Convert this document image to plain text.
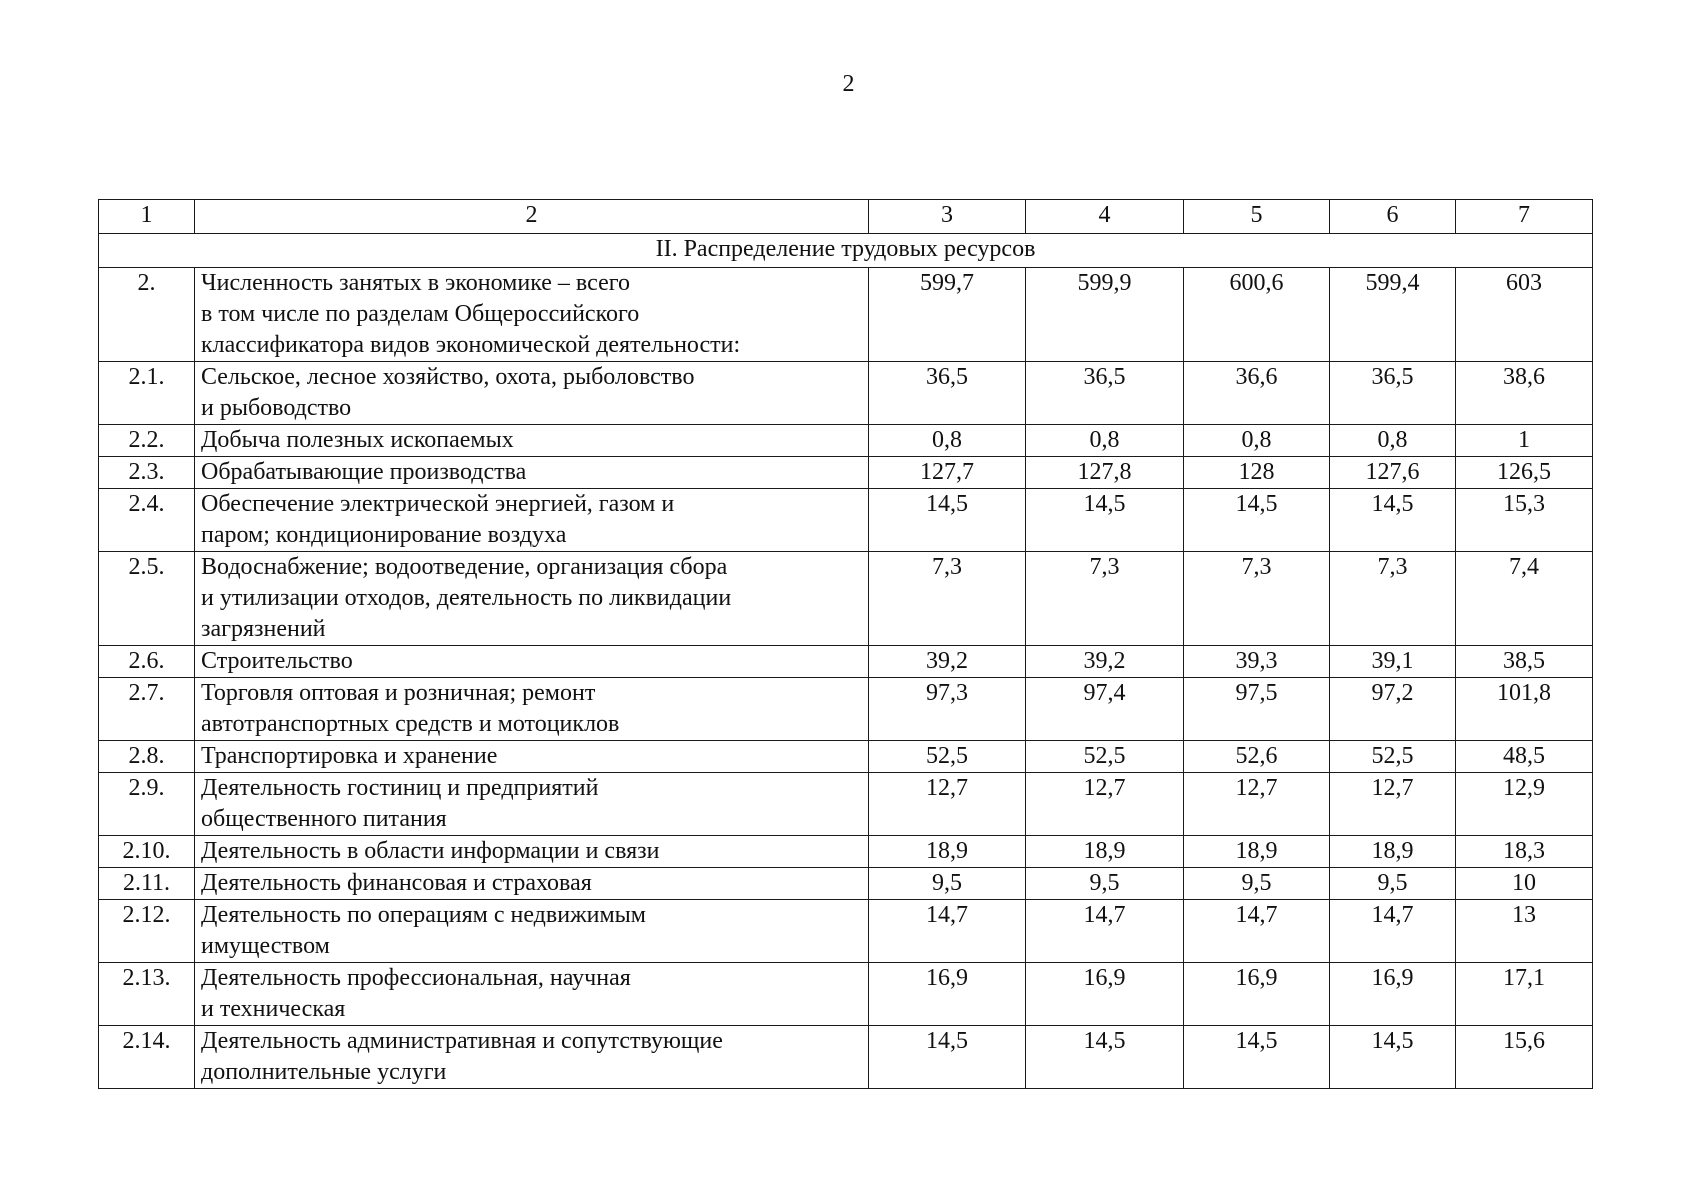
2
1	2	3	4	5	6	7
II. Распределение трудовых ресурсов						
2.	Численность занятых в экономике – всего
в том числе по разделам Общероссийского
классификатора видов экономической деятельности:	599,7	599,9	600,6	599,4	603
2.1.	Сельское, лесное хозяйство, охота, рыболовство
и рыбоводство	36,5	36,5	36,6	36,5	38,6
2.2.	Добыча полезных ископаемых	0,8	0,8	0,8	0,8	1
2.3.	Обрабатывающие производства	127,7	127,8	128	127,6	126,5
2.4.	Обеспечение электрической энергией, газом и
паром; кондиционирование воздуха	14,5	14,5	14,5	14,5	15,3
2.5.	Водоснабжение; водоотведение, организация сбора
и утилизации отходов, деятельность по ликвидации
загрязнений	7,3	7,3	7,3	7,3	7,4
2.6.	Строительство	39,2	39,2	39,3	39,1	38,5
2.7.	Торговля оптовая и розничная; ремонт
автотранспортных средств и мотоциклов	97,3	97,4	97,5	97,2	101,8
2.8.	Транспортировка и хранение	52,5	52,5	52,6	52,5	48,5
2.9.	Деятельность гостиниц и предприятий
общественного питания	12,7	12,7	12,7	12,7	12,9
2.10.	Деятельность в области информации и связи	18,9	18,9	18,9	18,9	18,3
2.11.	Деятельность финансовая и страховая	9,5	9,5	9,5	9,5	10
2.12.	Деятельность по операциям с недвижимым
имуществом	14,7	14,7	14,7	14,7	13
2.13.	Деятельность профессиональная, научная
и техническая	16,9	16,9	16,9	16,9	17,1
2.14.	Деятельность административная и сопутствующие
дополнительные услуги	14,5	14,5	14,5	14,5	15,6
